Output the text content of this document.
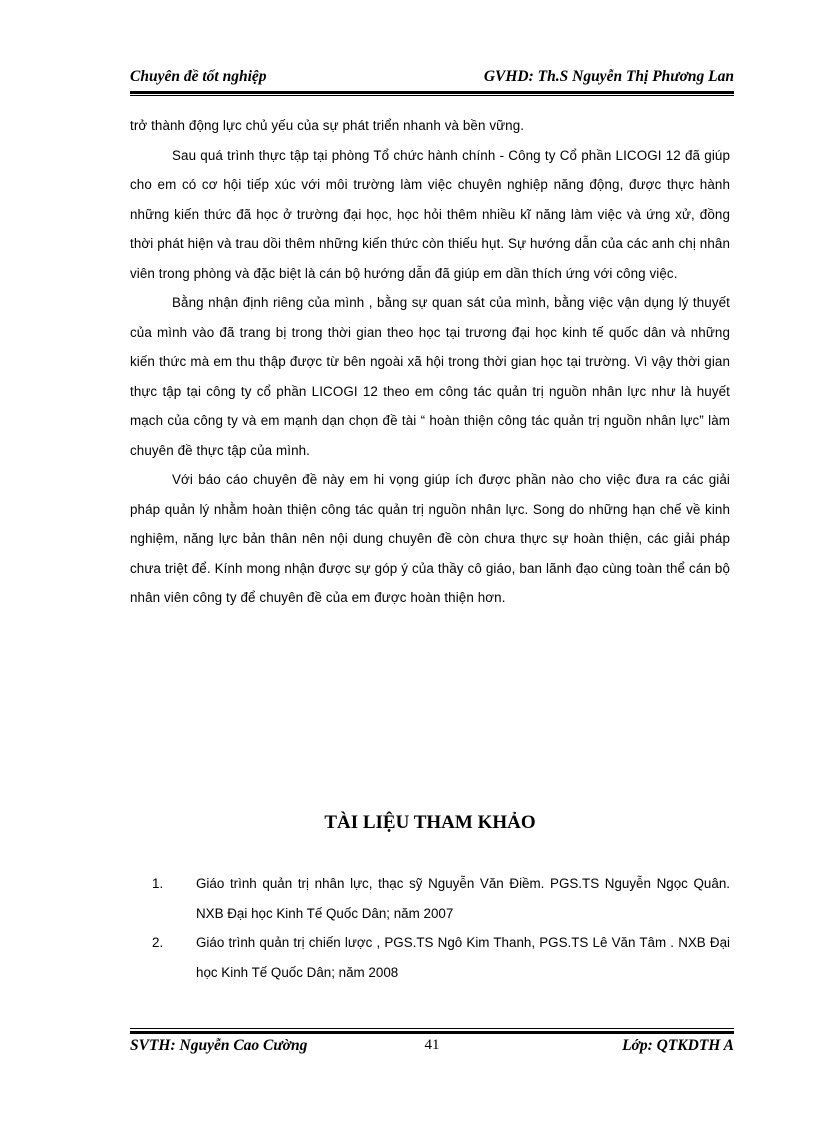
Chuyên đề tốt nghiệp	GVHD: Th.S Nguyễn Thị Phương Lan

trở thành động lực chủ yếu của sự phát triển nhanh và bền vững.

Sau quá trình thực tập tại phòng Tổ chức hành chính - Công ty Cổ phần LICOGI 12 đã giúp cho em có cơ hội tiếp xúc với môi trường làm việc chuyên nghiệp năng động, được thực hành những kiến thức đã học ở trường đại học, học hỏi thêm nhiều kĩ năng làm việc và ứng xử, đồng thời phát hiện và trau dồi thêm những kiến thức còn thiếu hụt. Sự hướng dẫn của các anh chị nhân viên trong phòng và đặc biệt là cán bộ hướng dẫn đã giúp em dần thích ứng với công việc.

Bằng nhận định riêng của mình , bằng sự quan sát của mình, bằng việc vận dụng lý thuyết của mình vào đã trang bị trong thời gian theo học tại trương đại học kinh tế quốc dân và những kiến thức mà em thu thập được từ bên ngoài xã hội trong thời gian học tại trường. Vì vậy thời gian thực tập tại công ty cổ phần LICOGI 12 theo em công tác quản trị nguồn nhân lực như là huyết mạch của công ty và em mạnh dạn chọn đề tài “ hoàn thiện công tác quản trị nguồn nhân lực” làm chuyên đề thực tập của mình.

Với báo cáo chuyên đề này em hi vọng giúp ích được phần nào cho việc đưa ra các giải pháp quản lý nhằm hoàn thiện công tác quản trị nguồn nhân lực. Song do những hạn chế về kinh nghiệm, năng lực bản thân nên nội dung chuyên đề còn chưa thực sự hoàn thiện, các giải pháp chưa triệt để. Kính mong nhận được sự góp ý của thầy cô giáo, ban lãnh đạo cùng toàn thể cán bộ nhân viên công ty để chuyên đề của em được hoàn thiện hơn.

TÀI LIỆU THAM KHẢO
1. Giáo trình quản trị nhân lực, thạc sỹ Nguyễn Văn Điềm. PGS.TS Nguyễn Ngọc Quân. NXB Đại học Kinh Tế Quốc Dân; năm 2007
2. Giáo trình quản trị chiến lược , PGS.TS Ngô Kim Thanh, PGS.TS Lê Văn Tâm . NXB Đại học Kinh Tế Quốc Dân; năm 2008
SVTH: Nguyễn Cao Cường	41	Lớp: QTKDTH A
